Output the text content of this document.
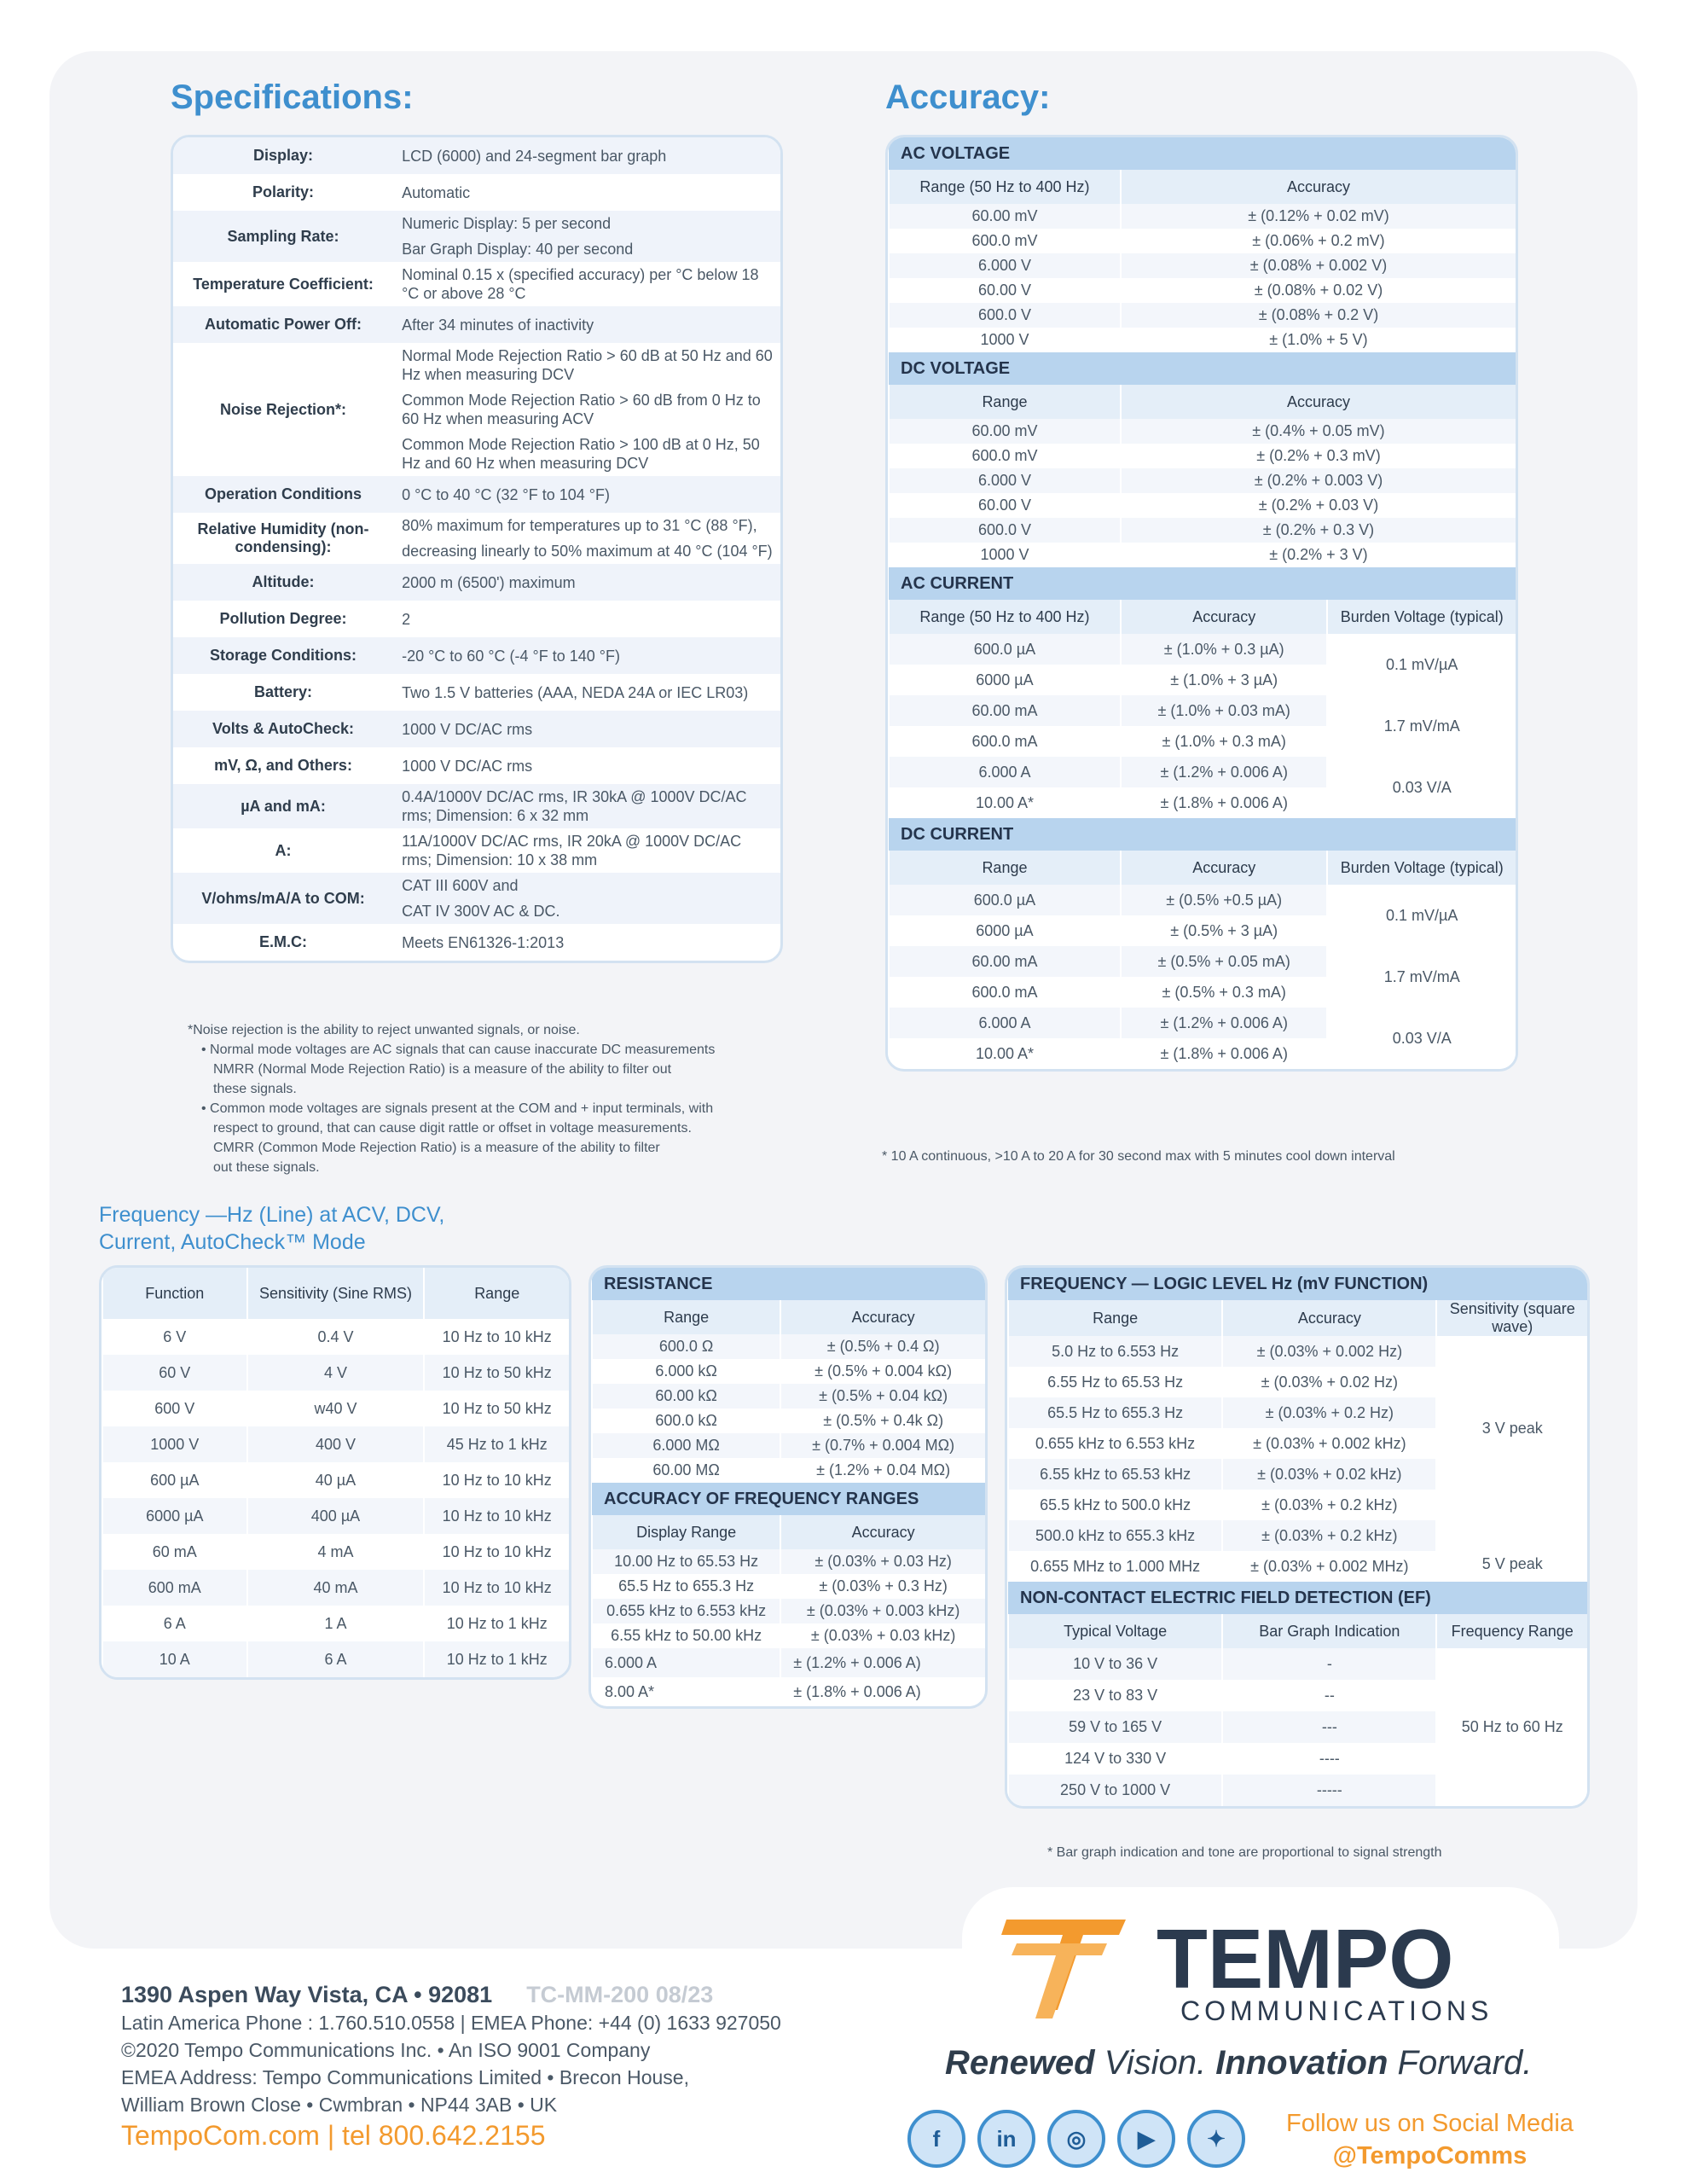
Specifications:	Accuracy:
Display:	LCD (6000) and 24-segment bar graph

Polarity:	Automatic

Sampling Rate:	Numeric Display: 5 per second
Bar Graph Display: 40 per second

Temperature Coefficient:	Nominal 0.15 x (specified accuracy) per °C below 18 °C or above 28 °C

Automatic Power Off:	After 34 minutes of inactivity

Noise Rejection*:	Normal Mode Rejection Ratio > 60 dB at 50 Hz and 60 Hz when measuring DCV
Common Mode Rejection Ratio > 60 dB from 0 Hz to 60 Hz when measuring ACV
Common Mode Rejection Ratio > 100 dB at 0 Hz, 50 Hz and 60 Hz when measuring DCV

Operation Conditions	0 °C to 40 °C (32 °F to 104 °F)

Relative Humidity (non-condensing):	80% maximum for temperatures up to 31 °C (88 °F),
decreasing linearly to 50% maximum at 40 °C (104 °F)

Altitude:	2000 m (6500') maximum

Pollution Degree:	2

Storage Conditions:	-20 °C to 60 °C (-4 °F to 140 °F)

Battery:	Two 1.5 V batteries (AAA, NEDA 24A or IEC LR03)

Volts & AutoCheck:	1000 V DC/AC rms

mV, Ω, and Others:	1000 V DC/AC rms

µA and mA:	0.4A/1000V DC/AC rms, IR 30kA @ 1000V DC/AC rms; Dimension: 6 x 32 mm

A:	11A/1000V DC/AC rms, IR 20kA @ 1000V DC/AC rms; Dimension: 10 x 38 mm

V/ohms/mA/A to COM:	CAT III 600V and
CAT IV 300V AC & DC.

E.M.C:	Meets EN61326-1:2013
*Noise rejection is the ability to reject unwanted signals, or noise.
• Normal mode voltages are AC signals that can cause inaccurate DC measurements
NMRR (Normal Mode Rejection Ratio) is a measure of the ability to filter out
these signals.
• Common mode voltages are signals present at the COM and + input terminals, with
respect to ground, that can cause digit rattle or offset in voltage measurements.
CMRR (Common Mode Rejection Ratio) is a measure of the ability to filter
out these signals.
AC VOLTAGE	
Range (50 Hz to 400 Hz)	Accuracy
60.00 mV	± (0.12% + 0.02 mV)
600.0 mV	± (0.06% + 0.2 mV)
6.000 V	± (0.08% + 0.002 V)
60.00 V	± (0.08% + 0.02 V)
600.0 V	± (0.08% + 0.2 V)
1000 V	± (1.0% + 5 V)
DC VOLTAGE	
Range	Accuracy
60.00 mV	± (0.4% + 0.05 mV)
600.0 mV	± (0.2% + 0.3 mV)
6.000 V	± (0.2% + 0.003 V)
60.00 V	± (0.2% + 0.03 V)
600.0 V	± (0.2% + 0.3 V)
1000 V	± (0.2% + 3 V)
AC CURRENT		
Range (50 Hz to 400 Hz)	Accuracy	Burden Voltage (typical)
600.0 µA	± (1.0% + 0.3 µA)	0.1 mV/µA
6000 µA	± (1.0% + 3 µA)	
60.00 mA	± (1.0% + 0.03 mA)	1.7 mV/mA
600.0 mA	± (1.0% + 0.3 mA)	
6.000 A	± (1.2% + 0.006 A)	0.03 V/A
10.00 A*	± (1.8% + 0.006 A)	
DC CURRENT		
Range	Accuracy	Burden Voltage (typical)
600.0 µA	± (0.5% +0.5 µA)	0.1 mV/µA
6000 µA	± (0.5% + 3 µA)	
60.00 mA	± (0.5% + 0.05 mA)	1.7 mV/mA
600.0 mA	± (0.5% + 0.3 mA)	
6.000 A	± (1.2% + 0.006 A)	0.03 V/A
10.00 A*	± (1.8% + 0.006 A)	
* 10 A continuous, >10 A to 20 A for 30 second max with 5 minutes cool down interval
Frequency —Hz (Line) at ACV, DCV,
Current, AutoCheck™ Mode
Function	Sensitivity (Sine RMS)	Range
6 V	0.4 V	10 Hz to 10 kHz
60 V	4 V	10 Hz to 50 kHz
600 V	w40 V	10 Hz to 50 kHz
1000 V	400 V	45 Hz to 1 kHz
600 µA	40 µA	10 Hz to 10 kHz
6000 µA	400 µA	10 Hz to 10 kHz
60 mA	4 mA	10 Hz to 10 kHz
600 mA	40 mA	10 Hz to 10 kHz
6 A	1 A	10 Hz to 1 kHz
10 A	6 A	10 Hz to 1 kHz
RESISTANCE	
Range	Accuracy
600.0 Ω	± (0.5% + 0.4 Ω)
6.000 kΩ	± (0.5% + 0.004 kΩ)
60.00 kΩ	± (0.5% + 0.04 kΩ)
600.0 kΩ	± (0.5% + 0.4k Ω)
6.000 MΩ	± (0.7% + 0.004 MΩ)
60.00 MΩ	± (1.2% + 0.04 MΩ)
ACCURACY OF FREQUENCY RANGES	
Display Range	Accuracy
10.00 Hz to 65.53 Hz	± (0.03% + 0.03 Hz)
65.5 Hz to 655.3 Hz	± (0.03% + 0.3 Hz)
0.655 kHz to 6.553 kHz	± (0.03% + 0.003 kHz)
6.55 kHz to 50.00 kHz	± (0.03% + 0.03 kHz)
6.000 A	± (1.2% + 0.006 A)
8.00 A*	± (1.8% + 0.006 A)
FREQUENCY — LOGIC LEVEL Hz (mV FUNCTION)		
Range	Accuracy	Sensitivity (square wave)
5.0 Hz to 6.553 Hz	± (0.03% + 0.002 Hz)	3 V peak
6.55 Hz to 65.53 Hz	± (0.03% + 0.02 Hz)	
65.5 Hz to 655.3 Hz	± (0.03% + 0.2 Hz)	
0.655 kHz to 6.553 kHz	± (0.03% + 0.002 kHz)	
6.55 kHz to 65.53 kHz	± (0.03% + 0.02 kHz)	
65.5 kHz to 500.0 kHz	± (0.03% + 0.2 kHz)	
500.0 kHz to 655.3 kHz	± (0.03% + 0.2 kHz)	5 V peak
0.655 MHz to 1.000 MHz	± (0.03% + 0.002 MHz)	
NON-CONTACT ELECTRIC FIELD DETECTION (EF)		
Typical Voltage	Bar Graph Indication	Frequency Range
10 V to 36 V	-	50 Hz to 60 Hz
23 V to 83 V	--	
59 V to 165 V	---	
124 V to 330 V	----	
250 V to 1000 V	-----	
* Bar graph indication and tone are proportional to signal strength
1390 Aspen Way Vista, CA • 92081 TC-MM-200 08/23
Latin America Phone : 1.760.510.0558 | EMEA Phone: +44 (0) 1633 927050
©2020 Tempo Communications Inc. • An ISO 9001 Company
EMEA Address: Tempo Communications Limited • Brecon House,
William Brown Close • Cwmbran • NP44 3AB • UK
TempoCom.com | tel 800.642.2155
TEMPO
COMMUNICATIONS
Renewed Vision. Innovation Forward.
f	in ◎ ▶ ✦
Follow us on Social Media
@TempoComms
